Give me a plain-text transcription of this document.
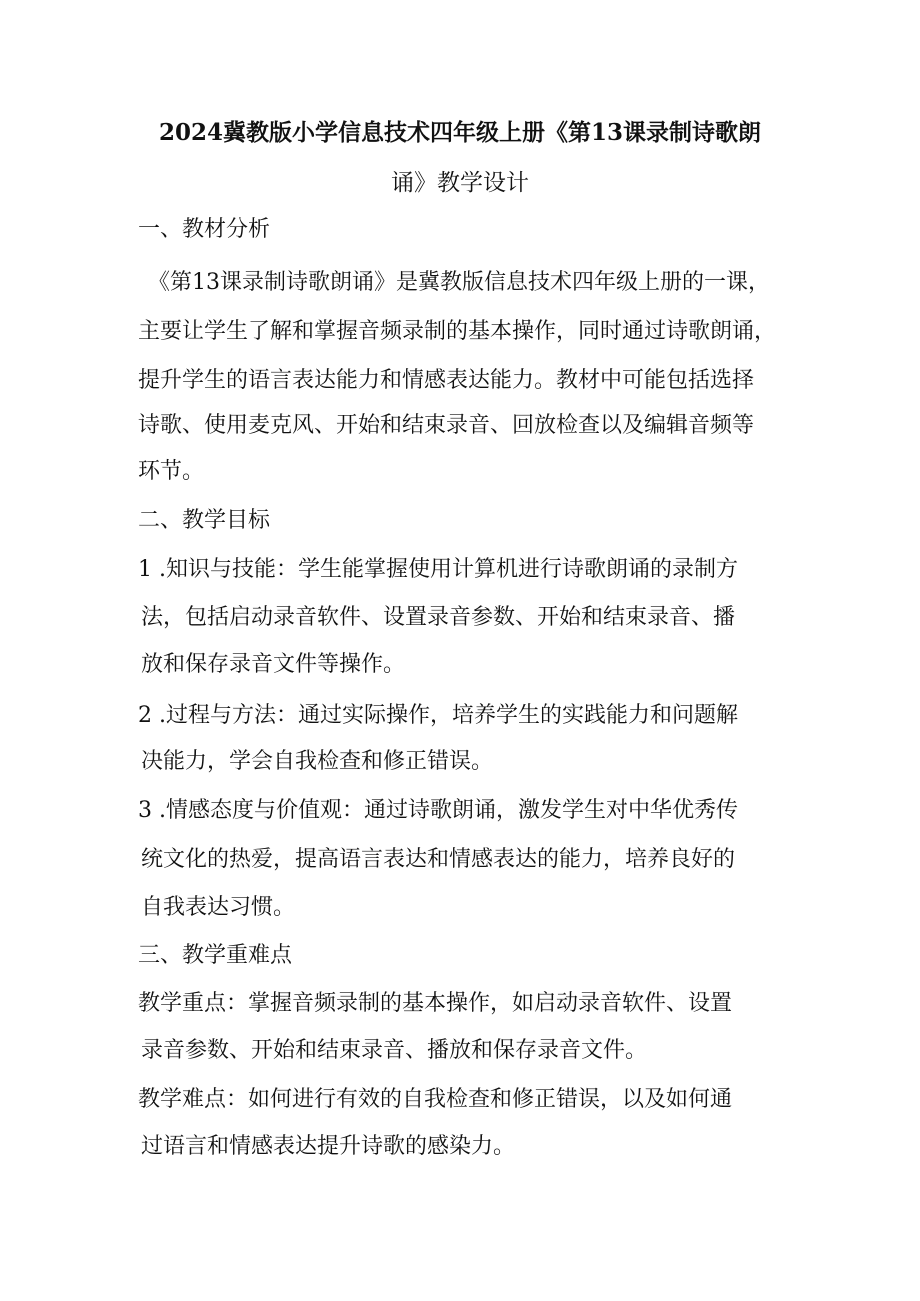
2024冀教版小学信息技术四年级上册《第13课录制诗歌朗
诵》教学设计
一、教材分析
《第13课录制诗歌朗诵》是冀教版信息技术四年级上册的一课，
主要让学生了解和掌握音频录制的基本操作，同时通过诗歌朗诵，
提升学生的语言表达能力和情感表达能力。教材中可能包括选择
诗歌、使用麦克风、开始和结束录音、回放检查以及编辑音频等
环节。
二、教学目标
1 .知识与技能：学生能掌握使用计算机进行诗歌朗诵的录制方
法，包括启动录音软件、设置录音参数、开始和结束录音、播
放和保存录音文件等操作。
2 .过程与方法：通过实际操作，培养学生的实践能力和问题解
决能力，学会自我检查和修正错误。
3 .情感态度与价值观：通过诗歌朗诵，激发学生对中华优秀传
统文化的热爱，提高语言表达和情感表达的能力，培养良好的
自我表达习惯。
三、教学重难点
教学重点：掌握音频录制的基本操作，如启动录音软件、设置
录音参数、开始和结束录音、播放和保存录音文件。
教学难点：如何进行有效的自我检查和修正错误，以及如何通
过语言和情感表达提升诗歌的感染力。
